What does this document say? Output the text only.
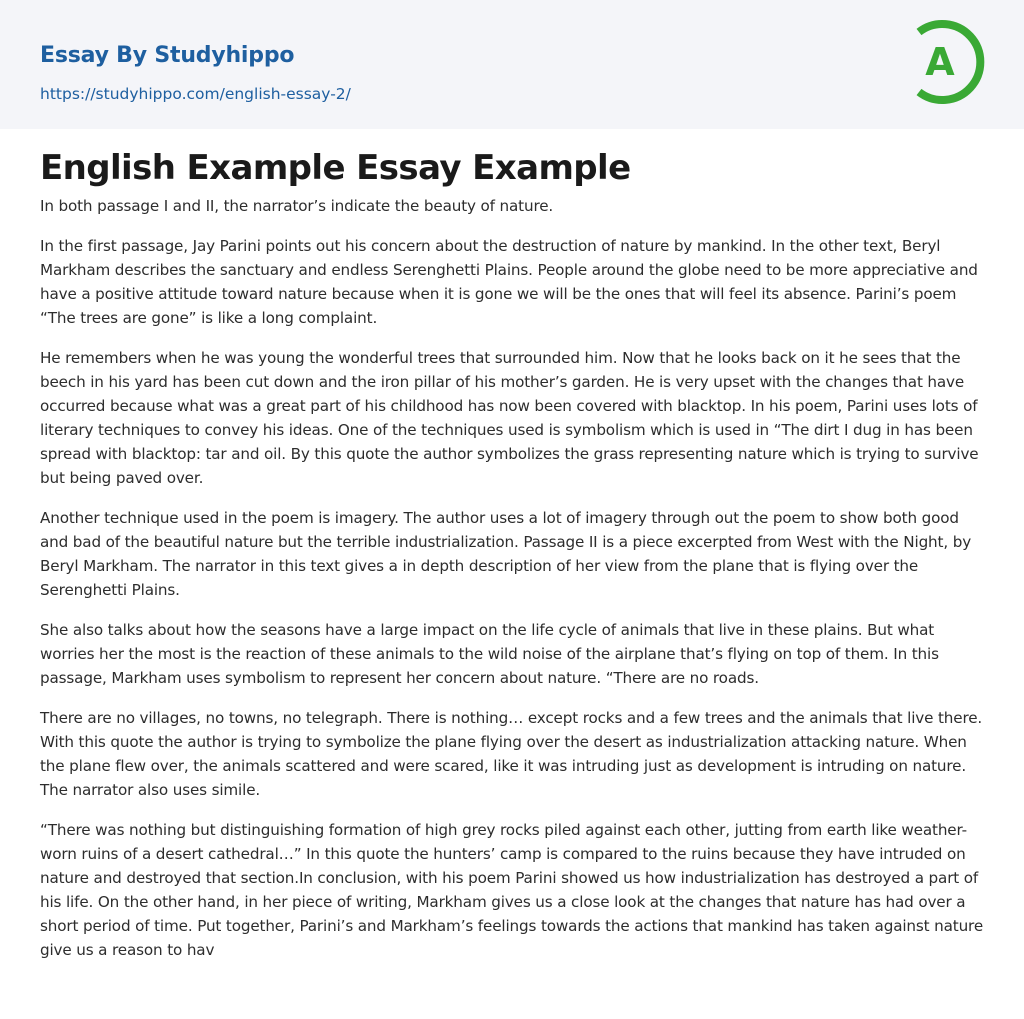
Essay By Studyhippo
https://studyhippo.com/english-essay-2/
A
English Example Essay Example

In both passage I and II, the narrator’s indicate the beauty of nature.

In the first passage, Jay Parini points out his concern about the destruction of nature by mankind. In the other text, Beryl Markham describes the sanctuary and endless Serenghetti Plains. People around the globe need to be more appreciative and have a positive attitude toward nature because when it is gone we will be the ones that will feel its absence. Parini’s poem “The trees are gone” is like a long complaint.

He remembers when he was young the wonderful trees that surrounded him. Now that he looks back on it he sees that the beech in his yard has been cut down and the iron pillar of his mother’s garden. He is very upset with the changes that have occurred because what was a great part of his childhood has now been covered with blacktop. In his poem, Parini uses lots of literary techniques to convey his ideas. One of the techniques used is symbolism which is used in “The dirt I dug in has been spread with blacktop: tar and oil. By this quote the author symbolizes the grass representing nature which is trying to survive but being paved over.

Another technique used in the poem is imagery. The author uses a lot of imagery through out the poem to show both good and bad of the beautiful nature but the terrible industrialization. Passage II is a piece excerpted from West with the Night, by Beryl Markham. The narrator in this text gives a in depth description of her view from the plane that is flying over the Serenghetti Plains.

She also talks about how the seasons have a large impact on the life cycle of animals that live in these plains. But what worries her the most is the reaction of these animals to the wild noise of the airplane that’s flying on top of them. In this passage, Markham uses symbolism to represent her concern about nature. “There are no roads.

There are no villages, no towns, no telegraph. There is nothing… except rocks and a few trees and the animals that live there. With this quote the author is trying to symbolize the plane flying over the desert as industrialization attacking nature. When the plane flew over, the animals scattered and were scared, like it was intruding just as development is intruding on nature. The narrator also uses simile.

“There was nothing but distinguishing formation of high grey rocks piled against each other, jutting from earth like weather-worn ruins of a desert cathedral…” In this quote the hunters’ camp is compared to the ruins because they have intruded on nature and destroyed that section.In conclusion, with his poem Parini showed us how industrialization has destroyed a part of his life. On the other hand, in her piece of writing, Markham gives us a close look at the changes that nature has had over a short period of time. Put together, Parini’s and Markham’s feelings towards the actions that mankind has taken against nature give us a reason to hav
